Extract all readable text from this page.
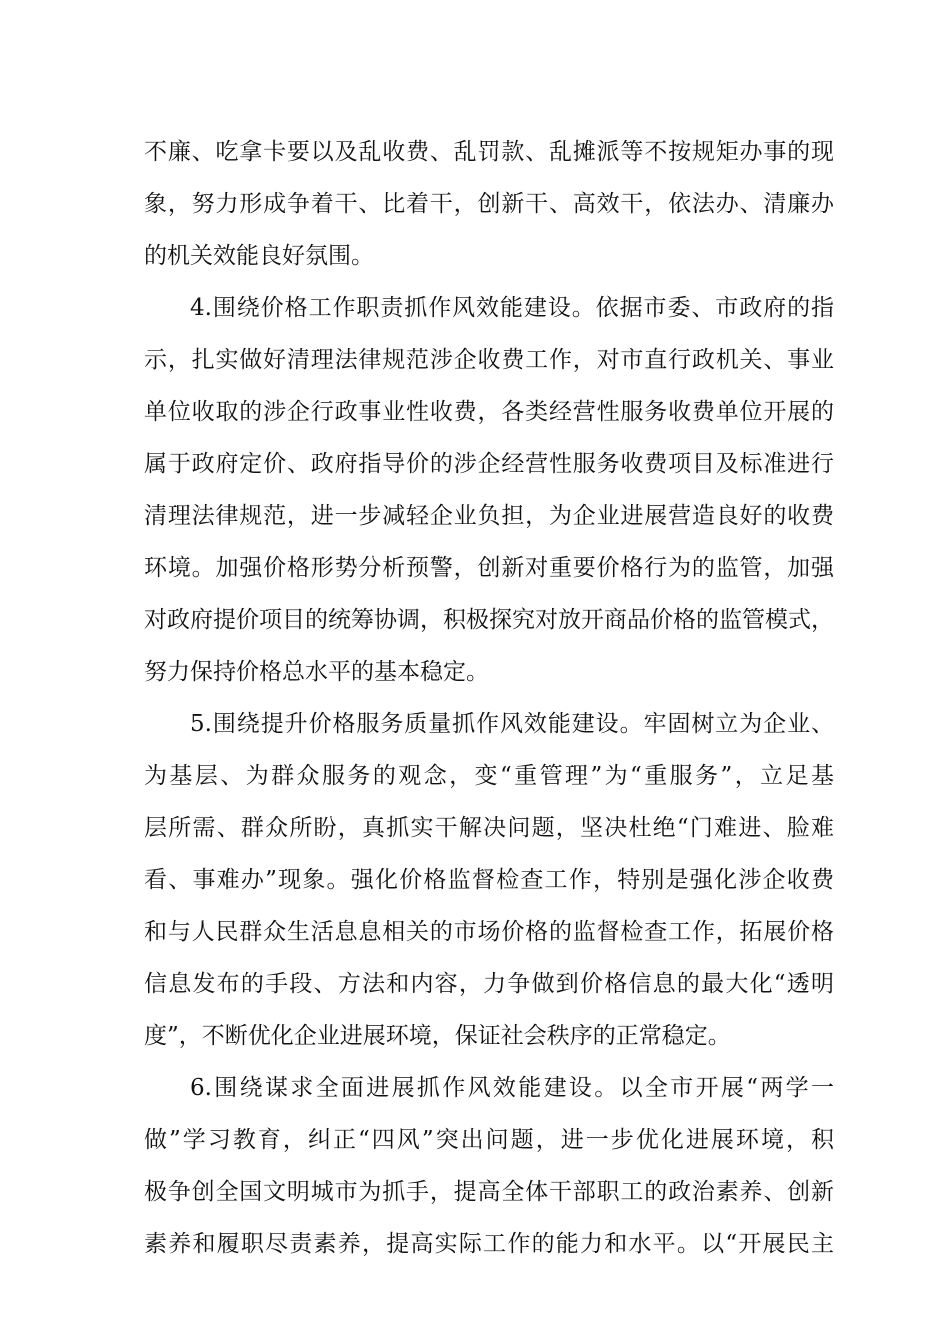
不廉、吃拿卡要以及乱收费、乱罚款、乱摊派等不按规矩办事的现
象，努力形成争着干、比着干，创新干、高效干，依法办、清廉办
的机关效能良好氛围。
4.围绕价格工作职责抓作风效能建设。依据市委、市政府的指
示，扎实做好清理法律规范涉企收费工作，对市直行政机关、事业
单位收取的涉企行政事业性收费，各类经营性服务收费单位开展的
属于政府定价、政府指导价的涉企经营性服务收费项目及标准进行
清理法律规范，进一步减轻企业负担，为企业进展营造良好的收费
环境。加强价格形势分析预警，创新对重要价格行为的监管，加强
对政府提价项目的统筹协调，积极探究对放开商品价格的监管模式，
努力保持价格总水平的基本稳定。
5.围绕提升价格服务质量抓作风效能建设。牢固树立为企业、
为基层、为群众服务的观念，变“重管理”为“重服务”，立足基
层所需、群众所盼，真抓实干解决问题，坚决杜绝“门难进、脸难
看、事难办”现象。强化价格监督检查工作，特别是强化涉企收费
和与人民群众生活息息相关的市场价格的监督检查工作，拓展价格
信息发布的手段、方法和内容，力争做到价格信息的最大化“透明
度”，不断优化企业进展环境，保证社会秩序的正常稳定。
6.围绕谋求全面进展抓作风效能建设。以全市开展“两学一
做”学习教育，纠正“四风”突出问题，进一步优化进展环境，积
极争创全国文明城市为抓手，提高全体干部职工的政治素养、创新
素养和履职尽责素养，提高实际工作的能力和水平。以“开展民主
